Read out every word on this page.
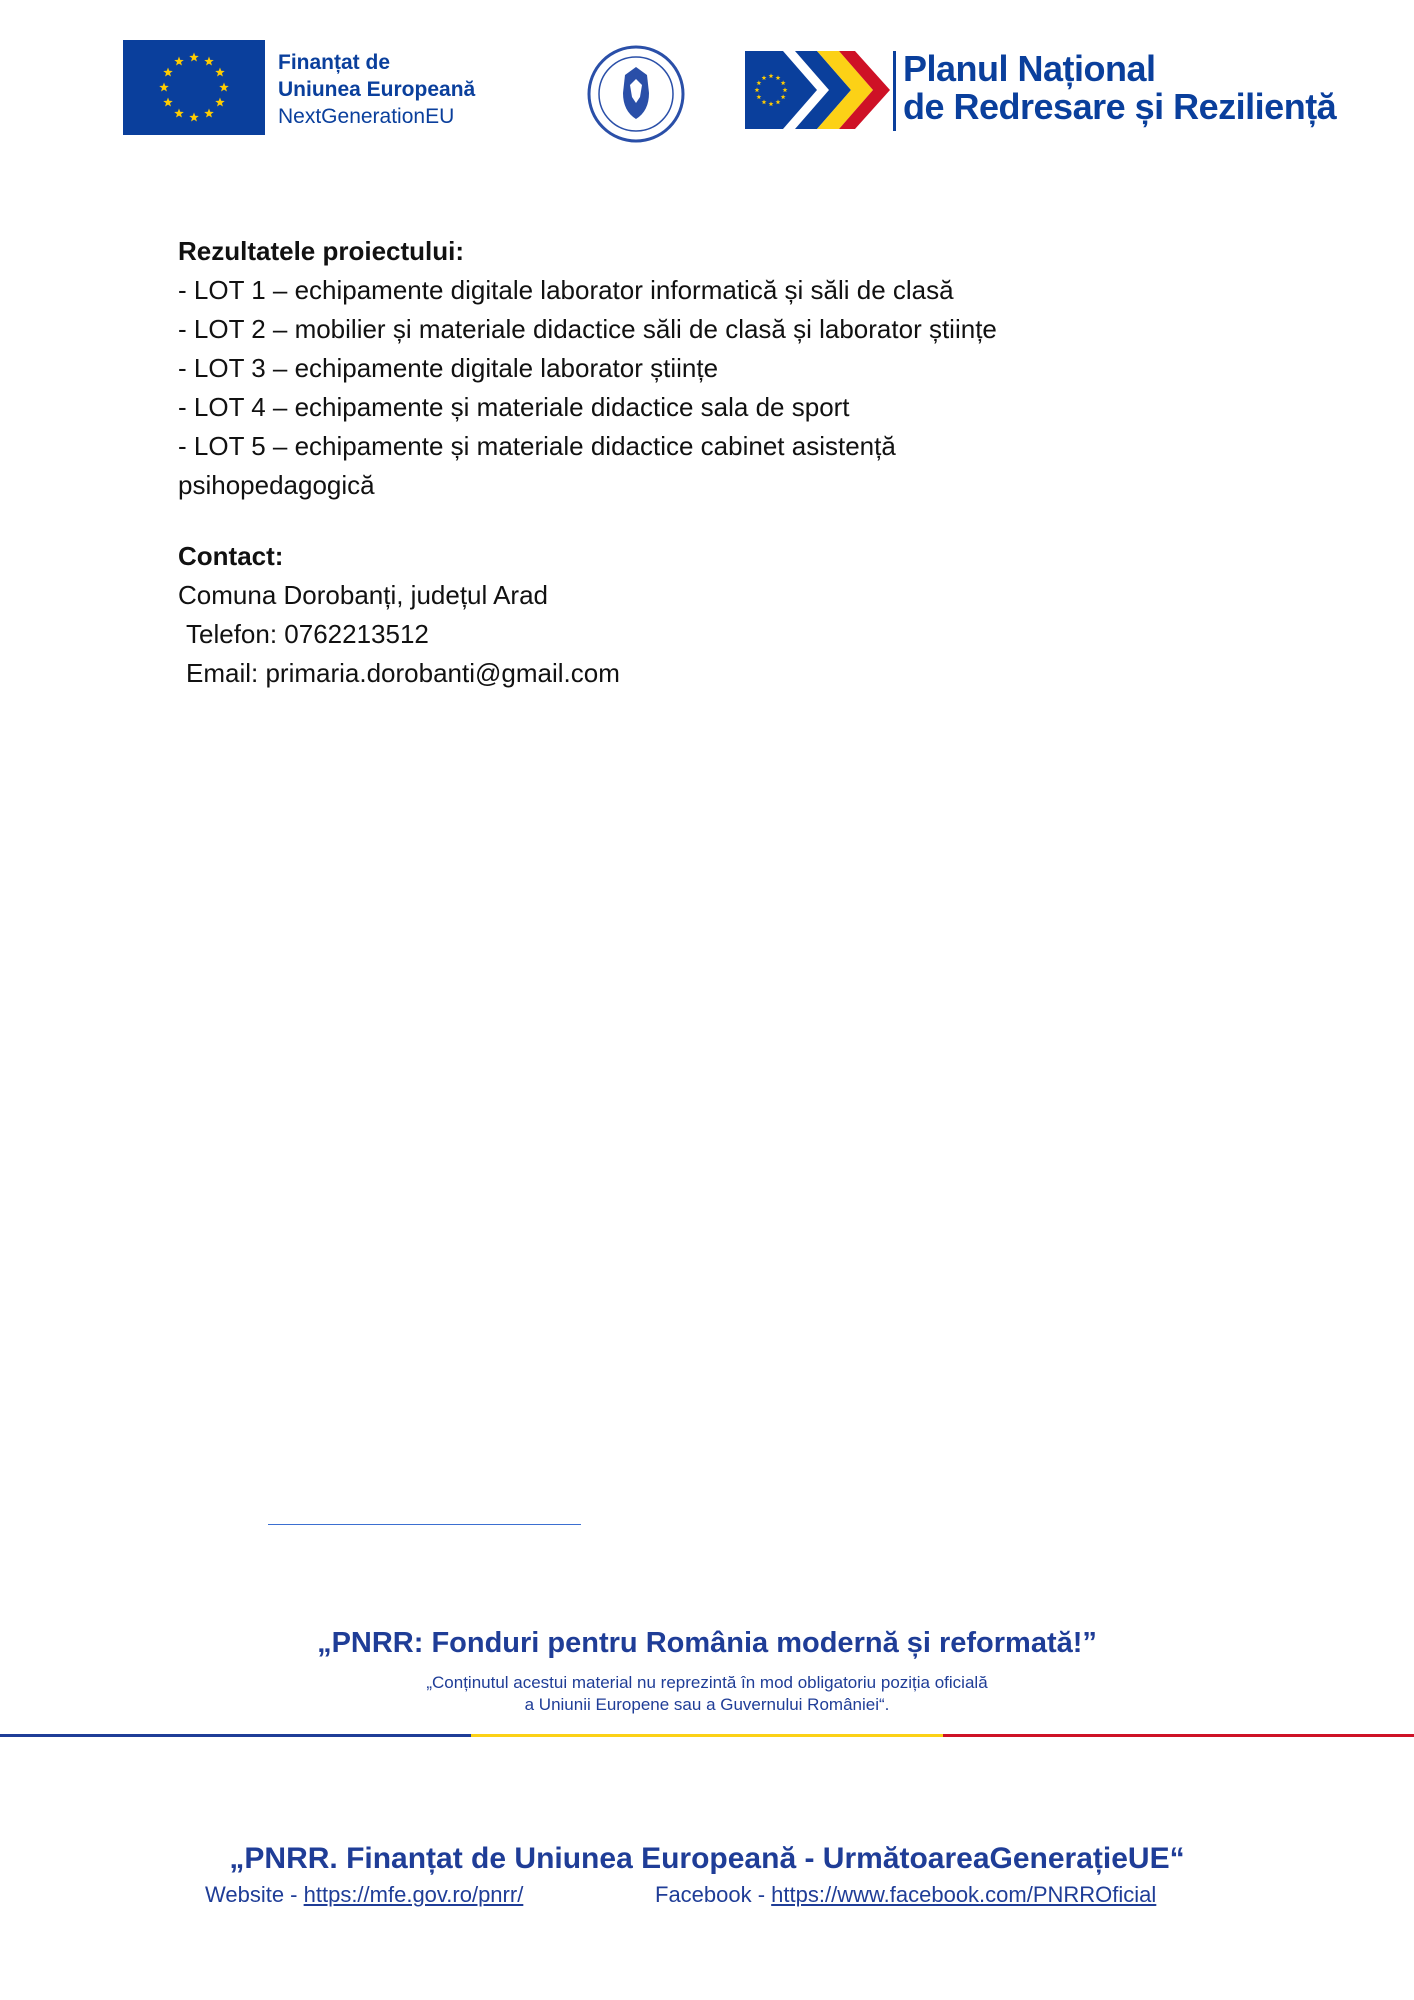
Finanțat de
Uniunea Europeană
NextGenerationEU
Planul Național
de Redresare și Reziliență
Rezultatele proiectului:
- LOT 1 – echipamente digitale laborator informatică și săli de clasă
- LOT 2 – mobilier și materiale didactice săli de clasă și laborator științe
- LOT 3 – echipamente digitale laborator științe
- LOT 4 – echipamente și materiale didactice sala de sport
- LOT 5 – echipamente și materiale didactice cabinet asistență
psihopedagogică
Contact:
Comuna Dorobanți, județul Arad
Telefon: 0762213512
Email: primaria.dorobanti@gmail.com
„PNRR: Fonduri pentru România modernă și reformată!”
„Conținutul acestui material nu reprezintă în mod obligatoriu poziția oficială
a Uniunii Europene sau a Guvernului României“.
„PNRR. Finanțat de Uniunea Europeană - UrmătoareaGenerațieUE“
Website - https://mfe.gov.ro/pnrr/	Facebook - https://www.facebook.com/PNRROficial
